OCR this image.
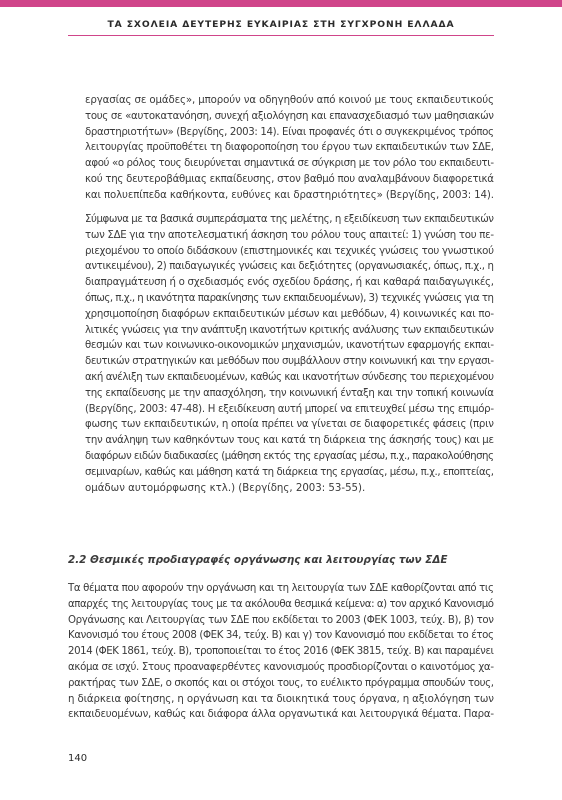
ΤΑ ΣΧΟΛΕΙΑ ΔΕΥΤΕΡΗΣ ΕΥΚΑΙΡΙΑΣ ΣΤΗ ΣΥΓΧΡΟΝΗ ΕΛΛΑΔΑ
εργασίας σε ομάδες», μπορούν να οδηγηθούν από κοινού με τους εκπαιδευτικούς
τους σε «αυτοκατανόηση, συνεχή αξιολόγηση και επανασχεδιασμό των μαθησιακών
δραστηριοτήτων» (Βεργίδης, 2003: 14). Είναι προφανές ότι ο συγκεκριμένος τρόπος
λειτουργίας προϋποθέτει τη διαφοροποίηση του έργου των εκπαιδευτικών των ΣΔΕ,
αφού «ο ρόλος τους διευρύνεται σημαντικά σε σύγκριση με τον ρόλο του εκπαιδευτι-
κού της δευτεροβάθμιας εκπαίδευσης, στον βαθμό που αναλαμβάνουν διαφορετικά
και πολυεπίπεδα καθήκοντα, ευθύνες και δραστηριότητες» (Βεργίδης, 2003: 14).
Σύμφωνα με τα βασικά συμπεράσματα της μελέτης, η εξειδίκευση των εκπαιδευτικών
των ΣΔΕ για την αποτελεσματική άσκηση του ρόλου τους απαιτεί: 1) γνώση του πε-
ριεχομένου το οποίο διδάσκουν (επιστημονικές και τεχνικές γνώσεις του γνωστικού
αντικειμένου), 2) παιδαγωγικές γνώσεις και δεξιότητες (οργανωσιακές, όπως, π.χ., η
διαπραγμάτευση ή ο σχεδιασμός ενός σχεδίου δράσης, ή και καθαρά παιδαγωγικές,
όπως, π.χ., η ικανότητα παρακίνησης των εκπαιδευομένων), 3) τεχνικές γνώσεις για τη
χρησιμοποίηση διαφόρων εκπαιδευτικών μέσων και μεθόδων, 4) κοινωνικές και πο-
λιτικές γνώσεις για την ανάπτυξη ικανοτήτων κριτικής ανάλυσης των εκπαιδευτικών
θεσμών και των κοινωνικο-οικονομικών μηχανισμών, ικανοτήτων εφαρμογής εκπαι-
δευτικών στρατηγικών και μεθόδων που συμβάλλουν στην κοινωνική και την εργασι-
ακή ανέλιξη των εκπαιδευομένων, καθώς και ικανοτήτων σύνδεσης του περιεχομένου
της εκπαίδευσης με την απασχόληση, την κοινωνική ένταξη και την τοπική κοινωνία
(Βεργίδης, 2003: 47-48). Η εξειδίκευση αυτή μπορεί να επιτευχθεί μέσω της επιμόρ-
φωσης των εκπαιδευτικών, η οποία πρέπει να γίνεται σε διαφορετικές φάσεις (πριν
την ανάληψη των καθηκόντων τους και κατά τη διάρκεια της άσκησής τους) και με
διαφόρων ειδών διαδικασίες (μάθηση εκτός της εργασίας μέσω, π.χ., παρακολούθησης
σεμιναρίων, καθώς και μάθηση κατά τη διάρκεια της εργασίας, μέσω, π.χ., εποπτείας,
ομάδων αυτομόρφωσης κτλ.) (Βεργίδης, 2003: 53-55).
2.2 Θεσμικές προδιαγραφές οργάνωσης και λειτουργίας των ΣΔΕ
Τα θέματα που αφορούν την οργάνωση και τη λειτουργία των ΣΔΕ καθορίζονται από τις
απαρχές της λειτουργίας τους με τα ακόλουθα θεσμικά κείμενα: α) τον αρχικό Κανονισμό
Οργάνωσης και Λειτουργίας των ΣΔΕ που εκδίδεται το 2003 (ΦΕΚ 1003, τεύχ. Β), β) τον
Κανονισμό του έτους 2008 (ΦΕΚ 34, τεύχ. Β) και γ) τον Κανονισμό που εκδίδεται το έτος
2014 (ΦΕΚ 1861, τεύχ. Β), τροποποιείται το έτος 2016 (ΦΕΚ 3815, τεύχ. Β) και παραμένει
ακόμα σε ισχύ. Στους προαναφερθέντες κανονισμούς προσδιορίζονται ο καινοτόμος χα-
ρακτήρας των ΣΔΕ, ο σκοπός και οι στόχοι τους, το ευέλικτο πρόγραμμα σπουδών τους,
η διάρκεια φοίτησης, η οργάνωση και τα διοικητικά τους όργανα, η αξιολόγηση των
εκπαιδευομένων, καθώς και διάφορα άλλα οργανωτικά και λειτουργικά θέματα. Παρα-
140
